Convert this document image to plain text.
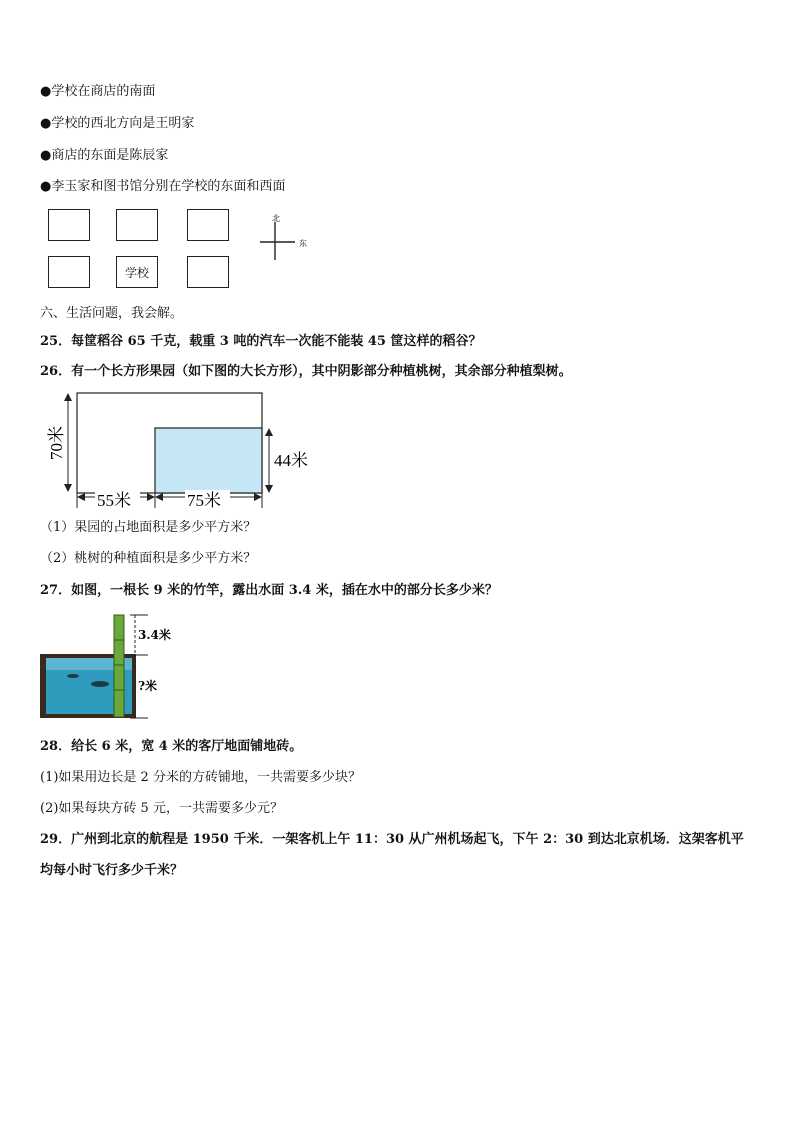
●学校在商店的南面
●学校的西北方向是王明家
●商店的东面是陈辰家
●李玉家和图书馆分别在学校的东面和西面
学校
北
东
六、生活问题，我会解。
25．每筐稻谷 65 千克，载重 3 吨的汽车一次能不能装 45 筐这样的稻谷？
26．有一个长方形果园（如下图的大长方形），其中阴影部分种植桃树，其余部分种植梨树。
70米
44米
55米	75米
（1）果园的占地面积是多少平方米？
（2）桃树的种植面积是多少平方米？
27．如图，一根长 9 米的竹竿，露出水面 3.4 米，插在水中的部分长多少米？
3.4米
?米
28．给长 6 米，宽 4 米的客厅地面铺地砖。
(1)如果用边长是 2 分米的方砖铺地，一共需要多少块？
(2)如果每块方砖 5 元，一共需要多少元？
29．广州到北京的航程是 1950 千米．一架客机上午 11：30 从广州机场起飞，下午 2：30 到达北京机场．这架客机平
均每小时飞行多少千米？
